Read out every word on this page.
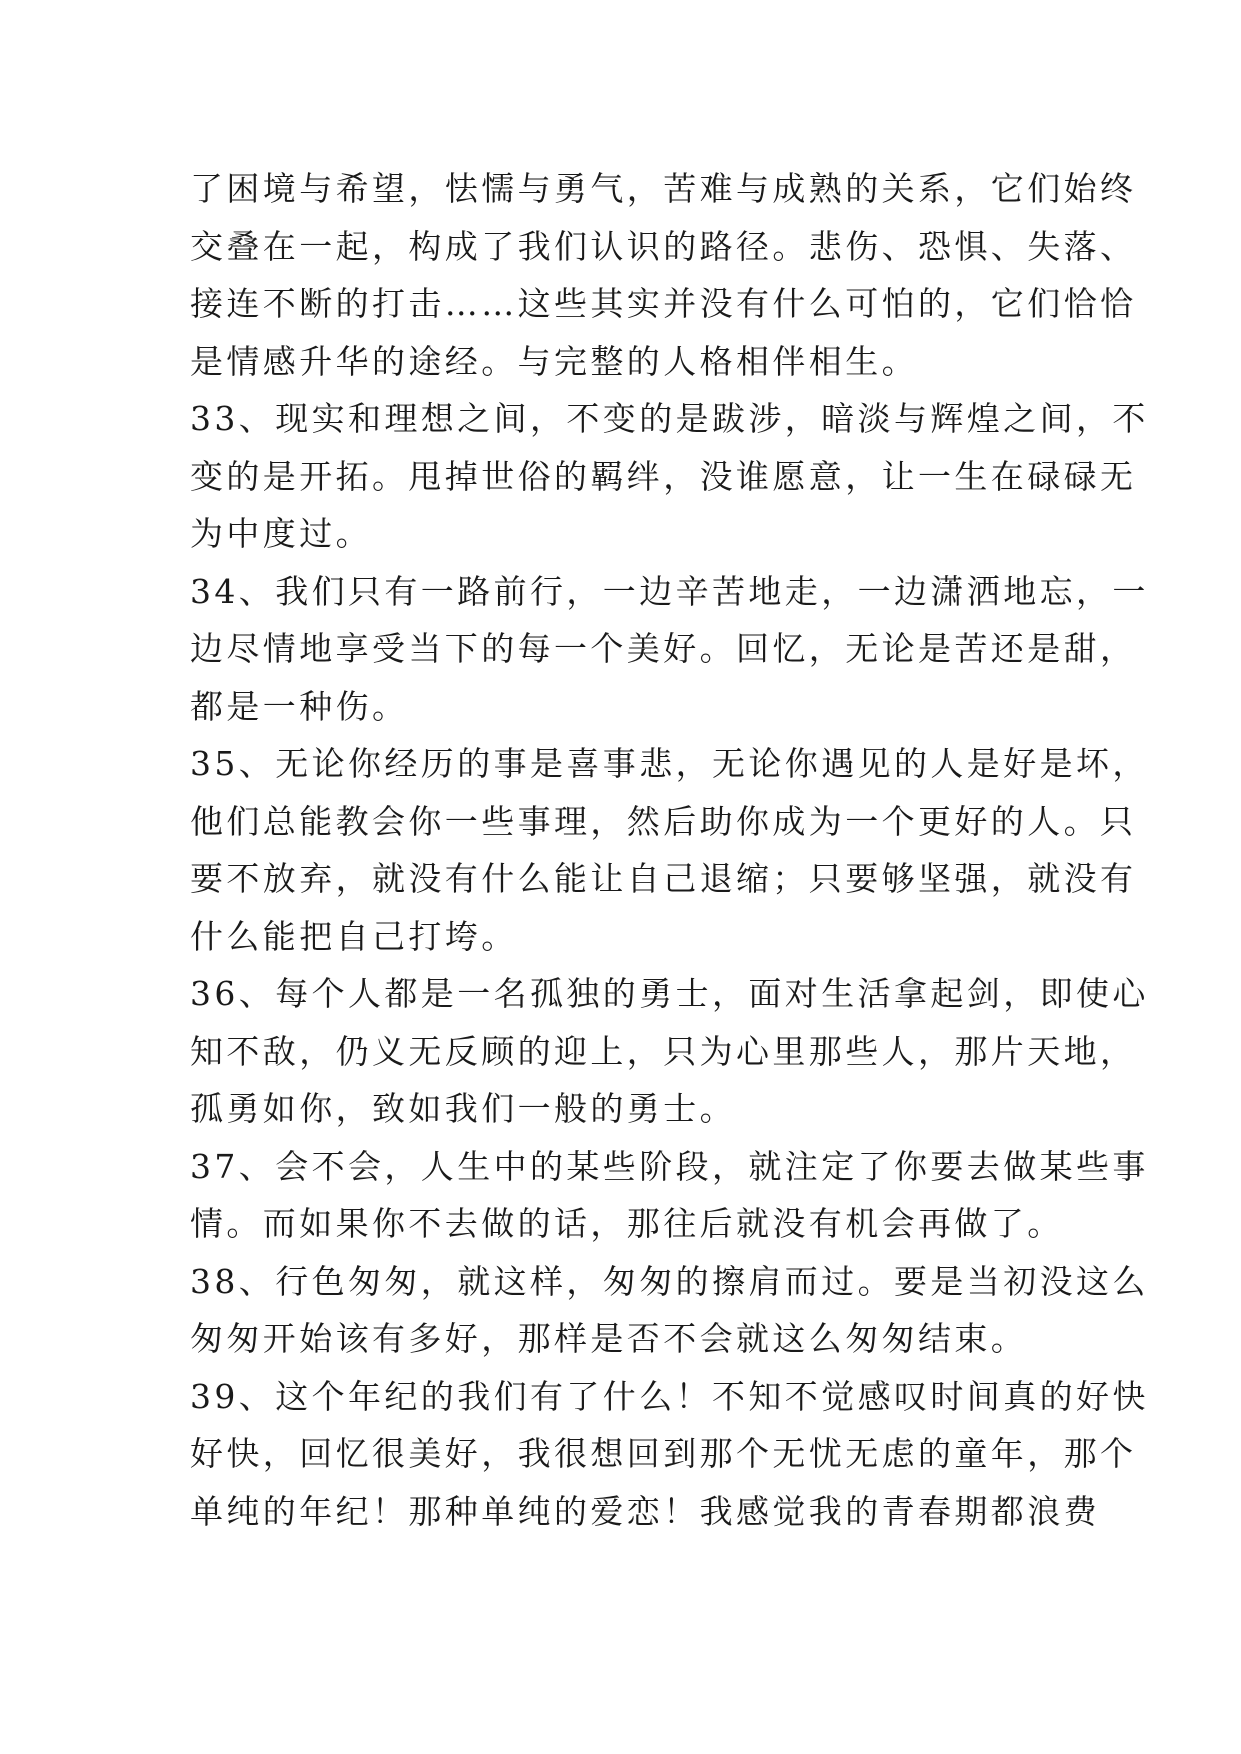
了困境与希望，怯懦与勇气，苦难与成熟的关系，它们始终
交叠在一起，构成了我们认识的路径。悲伤、恐惧、失落、
接连不断的打击……这些其实并没有什么可怕的，它们恰恰
是情感升华的途经。与完整的人格相伴相生。
33、现实和理想之间，不变的是跋涉，暗淡与辉煌之间，不
变的是开拓。甩掉世俗的羁绊，没谁愿意，让一生在碌碌无
为中度过。
34、我们只有一路前行，一边辛苦地走，一边潇洒地忘，一
边尽情地享受当下的每一个美好。回忆，无论是苦还是甜，
都是一种伤。
35、无论你经历的事是喜事悲，无论你遇见的人是好是坏，
他们总能教会你一些事理，然后助你成为一个更好的人。只
要不放弃，就没有什么能让自己退缩；只要够坚强，就没有
什么能把自己打垮。
36、每个人都是一名孤独的勇士，面对生活拿起剑，即使心
知不敌，仍义无反顾的迎上，只为心里那些人，那片天地，
孤勇如你，致如我们一般的勇士。
37、会不会，人生中的某些阶段，就注定了你要去做某些事
情。而如果你不去做的话，那往后就没有机会再做了。
38、行色匆匆，就这样，匆匆的擦肩而过。要是当初没这么
匆匆开始该有多好，那样是否不会就这么匆匆结束。
39、这个年纪的我们有了什么！不知不觉感叹时间真的好快
好快，回忆很美好，我很想回到那个无忧无虑的童年，那个
单纯的年纪！那种单纯的爱恋！我感觉我的青春期都浪费
